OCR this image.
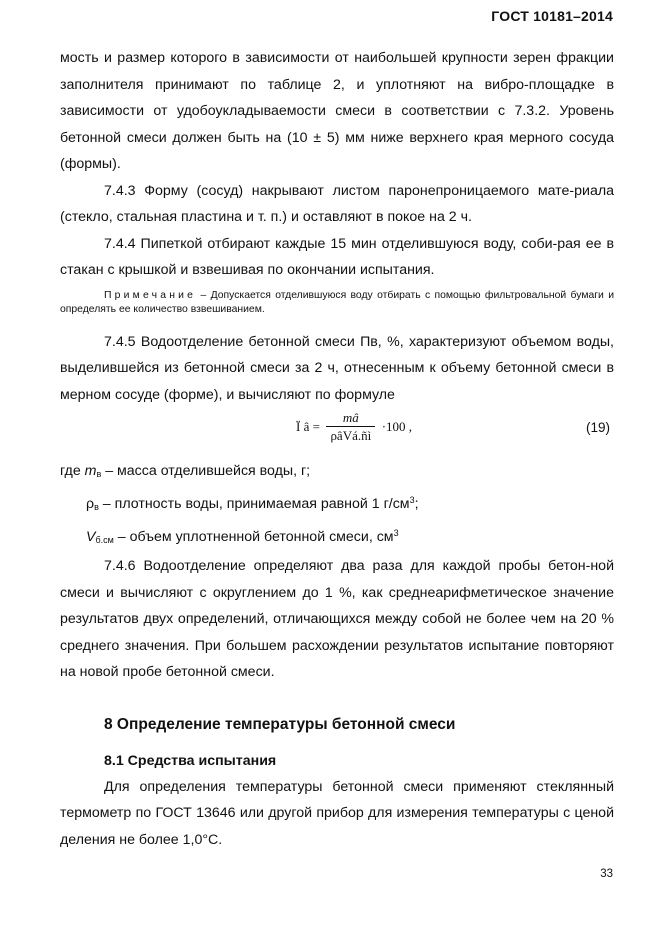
ГОСТ 10181–2014

мость и размер которого в зависимости от наибольшей крупности зерен фракции заполнителя принимают по таблице 2, и уплотняют на вибро-площадке в зависимости от удобоукладываемости смеси в соответствии с 7.3.2. Уровень бетонной смеси должен быть на (10 ± 5) мм ниже верхнего края мерного сосуда (формы).

7.4.3 Форму (сосуд) накрывают листом паронепроницаемого мате-риала (стекло, стальная пластина и т. п.) и оставляют в покое на 2 ч.

7.4.4 Пипеткой отбирают каждые 15 мин отделившуюся воду, соби-рая ее в стакан с крышкой и взвешивая по окончании испытания.

Примечание – Допускается отделившуюся воду отбирать с помощью фильтровальной бумаги и определять ее количество взвешиванием.

7.4.5 Водоотделение бетонной смеси Пв, %, характеризуют объемом воды, выделившейся из бетонной смеси за 2 ч, отнесенным к объему бетонной смеси в мерном сосуде (форме), и вычисляют по формуле

Ï â = $\frac{mâ}{\text{ρâVá.ñì}} \cdot 100$ ,	(19)

где $m_в$ – масса отделившейся воды, г;

$\rho_в$ – плотность воды, принимаемая равной 1 $г/см^3$;

$V_{б.см}$ – объем уплотненной бетонной смеси, $см^3$

7.4.6 Водоотделение определяют два раза для каждой пробы бетон-ной смеси и вычисляют с округлением до 1 %, как среднеарифметическое значение результатов двух определений, отличающихся между собой не более чем на 20 % среднего значения. При большем расхождении результатов испытание повторяют на новой пробе бетонной смеси.

8 Определение температуры бетонной смеси

8.1 Средства испытания

Для определения температуры бетонной смеси применяют стеклянный термометр по ГОСТ 13646 или другой прибор для измерения температуры с ценой деления не более 1,0°С.

33
